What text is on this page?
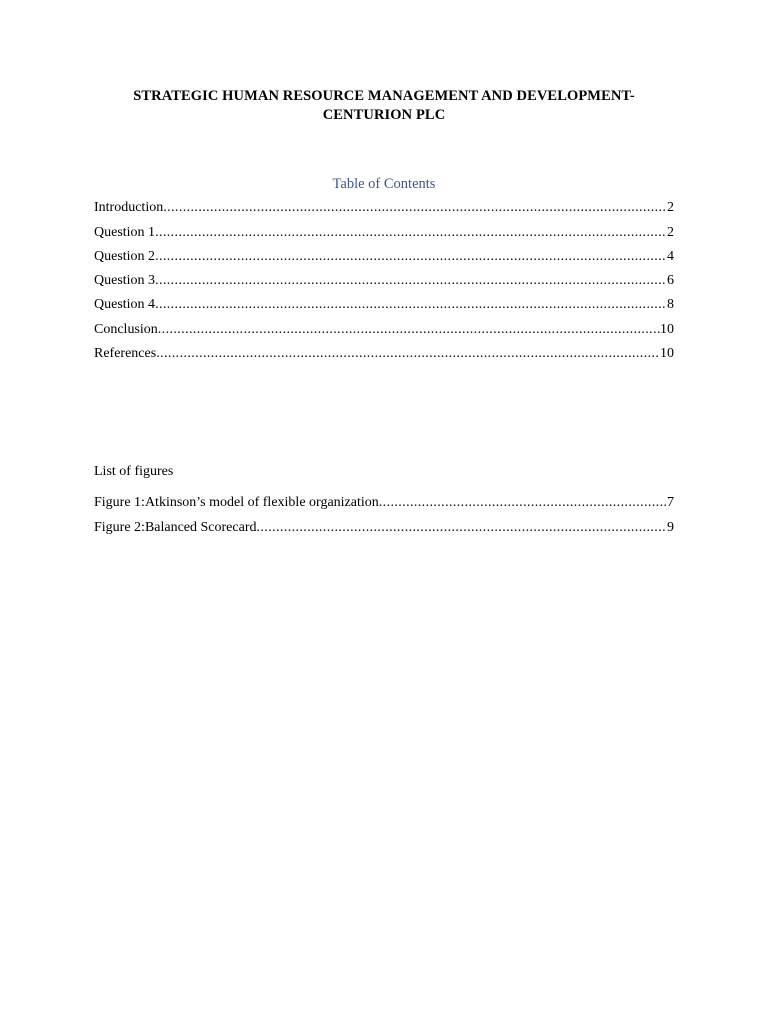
STRATEGIC HUMAN RESOURCE MANAGEMENT AND DEVELOPMENT-
CENTURION PLC
Table of Contents
Introduction .....	2
Question 1 .....	2
Question 2 .....	4
Question 3 .....	6
Question 4 .....	8
Conclusion .....	10
References .....	10
List of figures
Figure 1:Atkinson’s model of flexible organization .....	7
Figure 2:Balanced Scorecard .....	9
